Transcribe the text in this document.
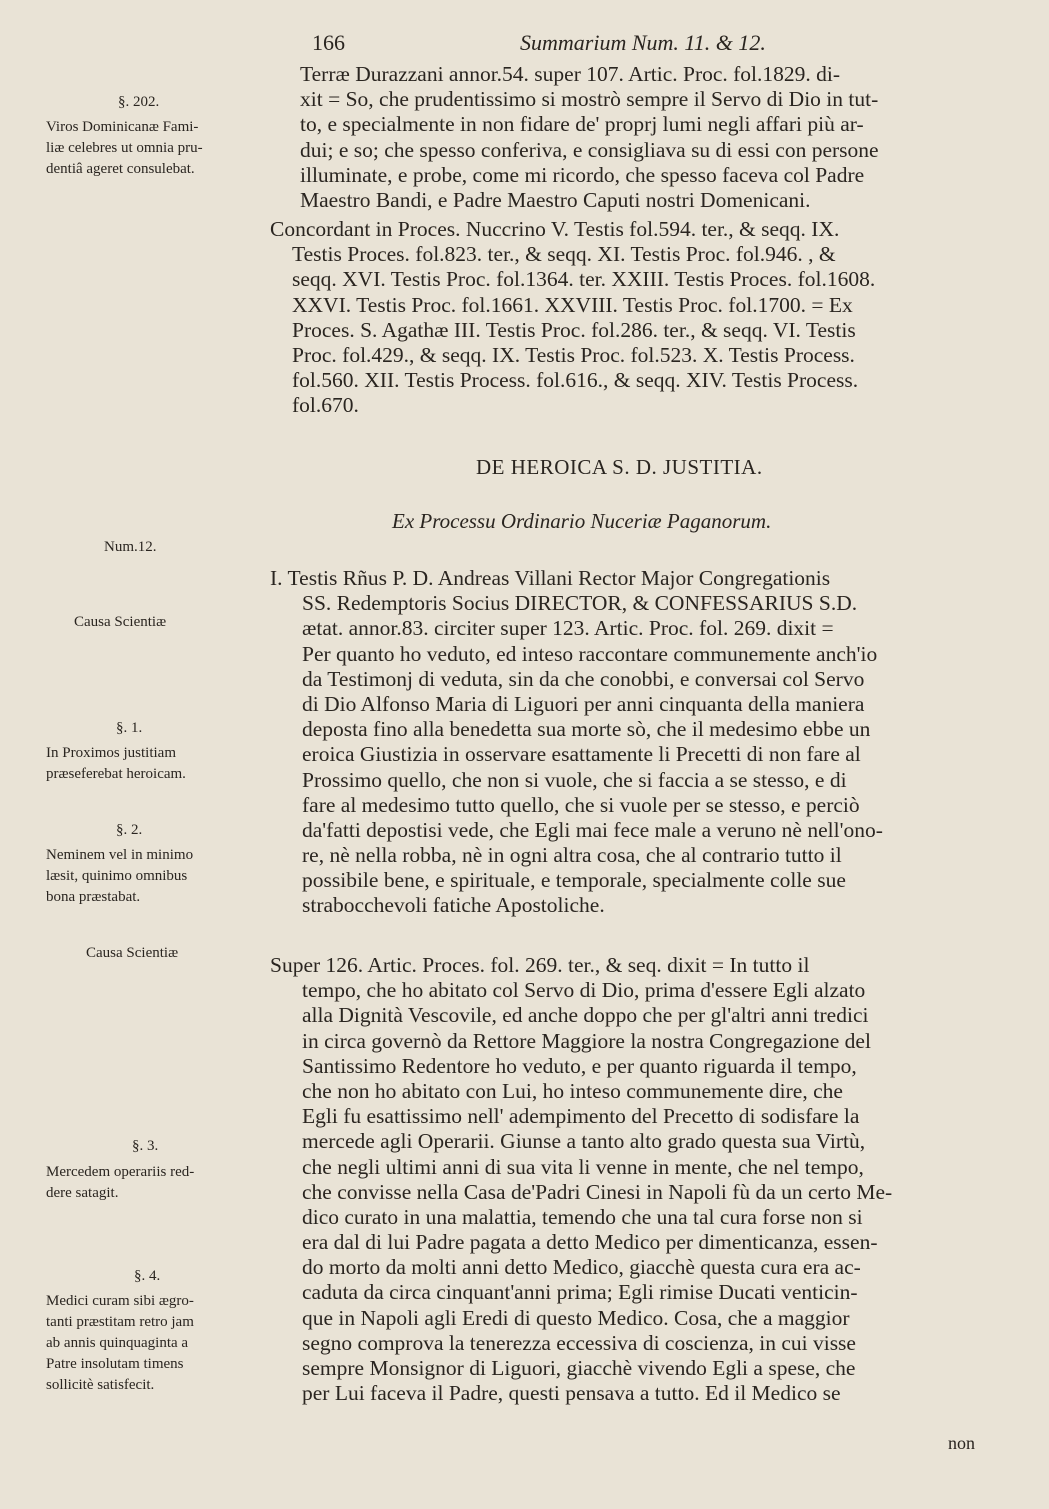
166	Summarium Num. 11. & 12.
Terræ Durazzani annor.54. super 107. Artic. Proc. fol.1829. di-
xit = So, che prudentissimo si mostrò sempre il Servo di Dio in tut-
to, e specialmente in non fidare de' proprj lumi negli affari più ar-
dui; e so; che spesso conferiva, e consigliava su di essi con persone
illuminate, e probe, come mi ricordo, che spesso faceva col Padre
Maestro Bandi, e Padre Maestro Caputi nostri Domenicani.
Concordant in Proces. Nuccrino V. Testis fol.594. ter., & seqq. IX.
Testis Proces. fol.823. ter., & seqq. XI. Testis Proc. fol.946. , &
seqq. XVI. Testis Proc. fol.1364. ter. XXIII. Testis Proces. fol.1608.
XXVI. Testis Proc. fol.1661. XXVIII. Testis Proc. fol.1700. = Ex
Proces. S. Agathæ III. Testis Proc. fol.286. ter., & seqq. VI. Testis
Proc. fol.429., & seqq. IX. Testis Proc. fol.523. X. Testis Process.
fol.560. XII. Testis Process. fol.616., & seqq. XIV. Testis Process.
fol.670.
DE HEROICA S. D. JUSTITIA.
Ex Processu Ordinario Nuceriæ Paganorum.
I. Testis Rñus P. D. Andreas Villani Rector Major Congregationis
SS. Redemptoris Socius DIRECTOR, & CONFESSARIUS S.D.
ætat. annor.83. circiter super 123. Artic. Proc. fol. 269. dixit =
Per quanto ho veduto, ed inteso raccontare communemente anch'io
da Testimonj di veduta, sin da che conobbi, e conversai col Servo
di Dio Alfonso Maria di Liguori per anni cinquanta della maniera
deposta fino alla benedetta sua morte sò, che il medesimo ebbe un
eroica Giustizia in osservare esattamente li Precetti di non fare al
Prossimo quello, che non si vuole, che si faccia a se stesso, e di
fare al medesimo tutto quello, che si vuole per se stesso, e perciò
da'fatti depostisi vede, che Egli mai fece male a veruno nè nell'ono-
re, nè nella robba, nè in ogni altra cosa, che al contrario tutto il
possibile bene, e spirituale, e temporale, specialmente colle sue
strabocchevoli fatiche Apostoliche.
Super 126. Artic. Proces. fol. 269. ter., & seq. dixit = In tutto il
tempo, che ho abitato col Servo di Dio, prima d'essere Egli alzato
alla Dignità Vescovile, ed anche doppo che per gl'altri anni tredici
in circa governò da Rettore Maggiore la nostra Congregazione del
Santissimo Redentore ho veduto, e per quanto riguarda il tempo,
che non ho abitato con Lui, ho inteso communemente dire, che
Egli fu esattissimo nell' adempimento del Precetto di sodisfare la
mercede agli Operarii. Giunse a tanto alto grado questa sua Virtù,
che negli ultimi anni di sua vita li venne in mente, che nel tempo,
che convisse nella Casa de'Padri Cinesi in Napoli fù da un certo Me-
dico curato in una malattia, temendo che una tal cura forse non si
era dal di lui Padre pagata a detto Medico per dimenticanza, essen-
do morto da molti anni detto Medico, giacchè questa cura era ac-
caduta da circa cinquant'anni prima; Egli rimise Ducati venticin-
que in Napoli agli Eredi di questo Medico. Cosa, che a maggior
segno comprova la tenerezza eccessiva di coscienza, in cui visse
sempre Monsignor di Liguori, giacchè vivendo Egli a spese, che
per Lui faceva il Padre, questi pensava a tutto. Ed il Medico se
non
§. 202.
Viros Dominicanæ Fami-
liæ celebres ut omnia pru-
dentiâ ageret consulebat.
Num.12.
Causa Scientiæ
§. 1.
In Proximos justitiam
præseferebat heroicam.
§. 2.
Neminem vel in minimo
læsit, quinimo omnibus
bona præstabat.
Causa Scientiæ
§. 3.
Mercedem operariis red-
dere satagit.
§. 4.
Medici curam sibi ægro-
tanti præstitam retro jam
ab annis quinquaginta a
Patre insolutam timens
sollicitè satisfecit.
